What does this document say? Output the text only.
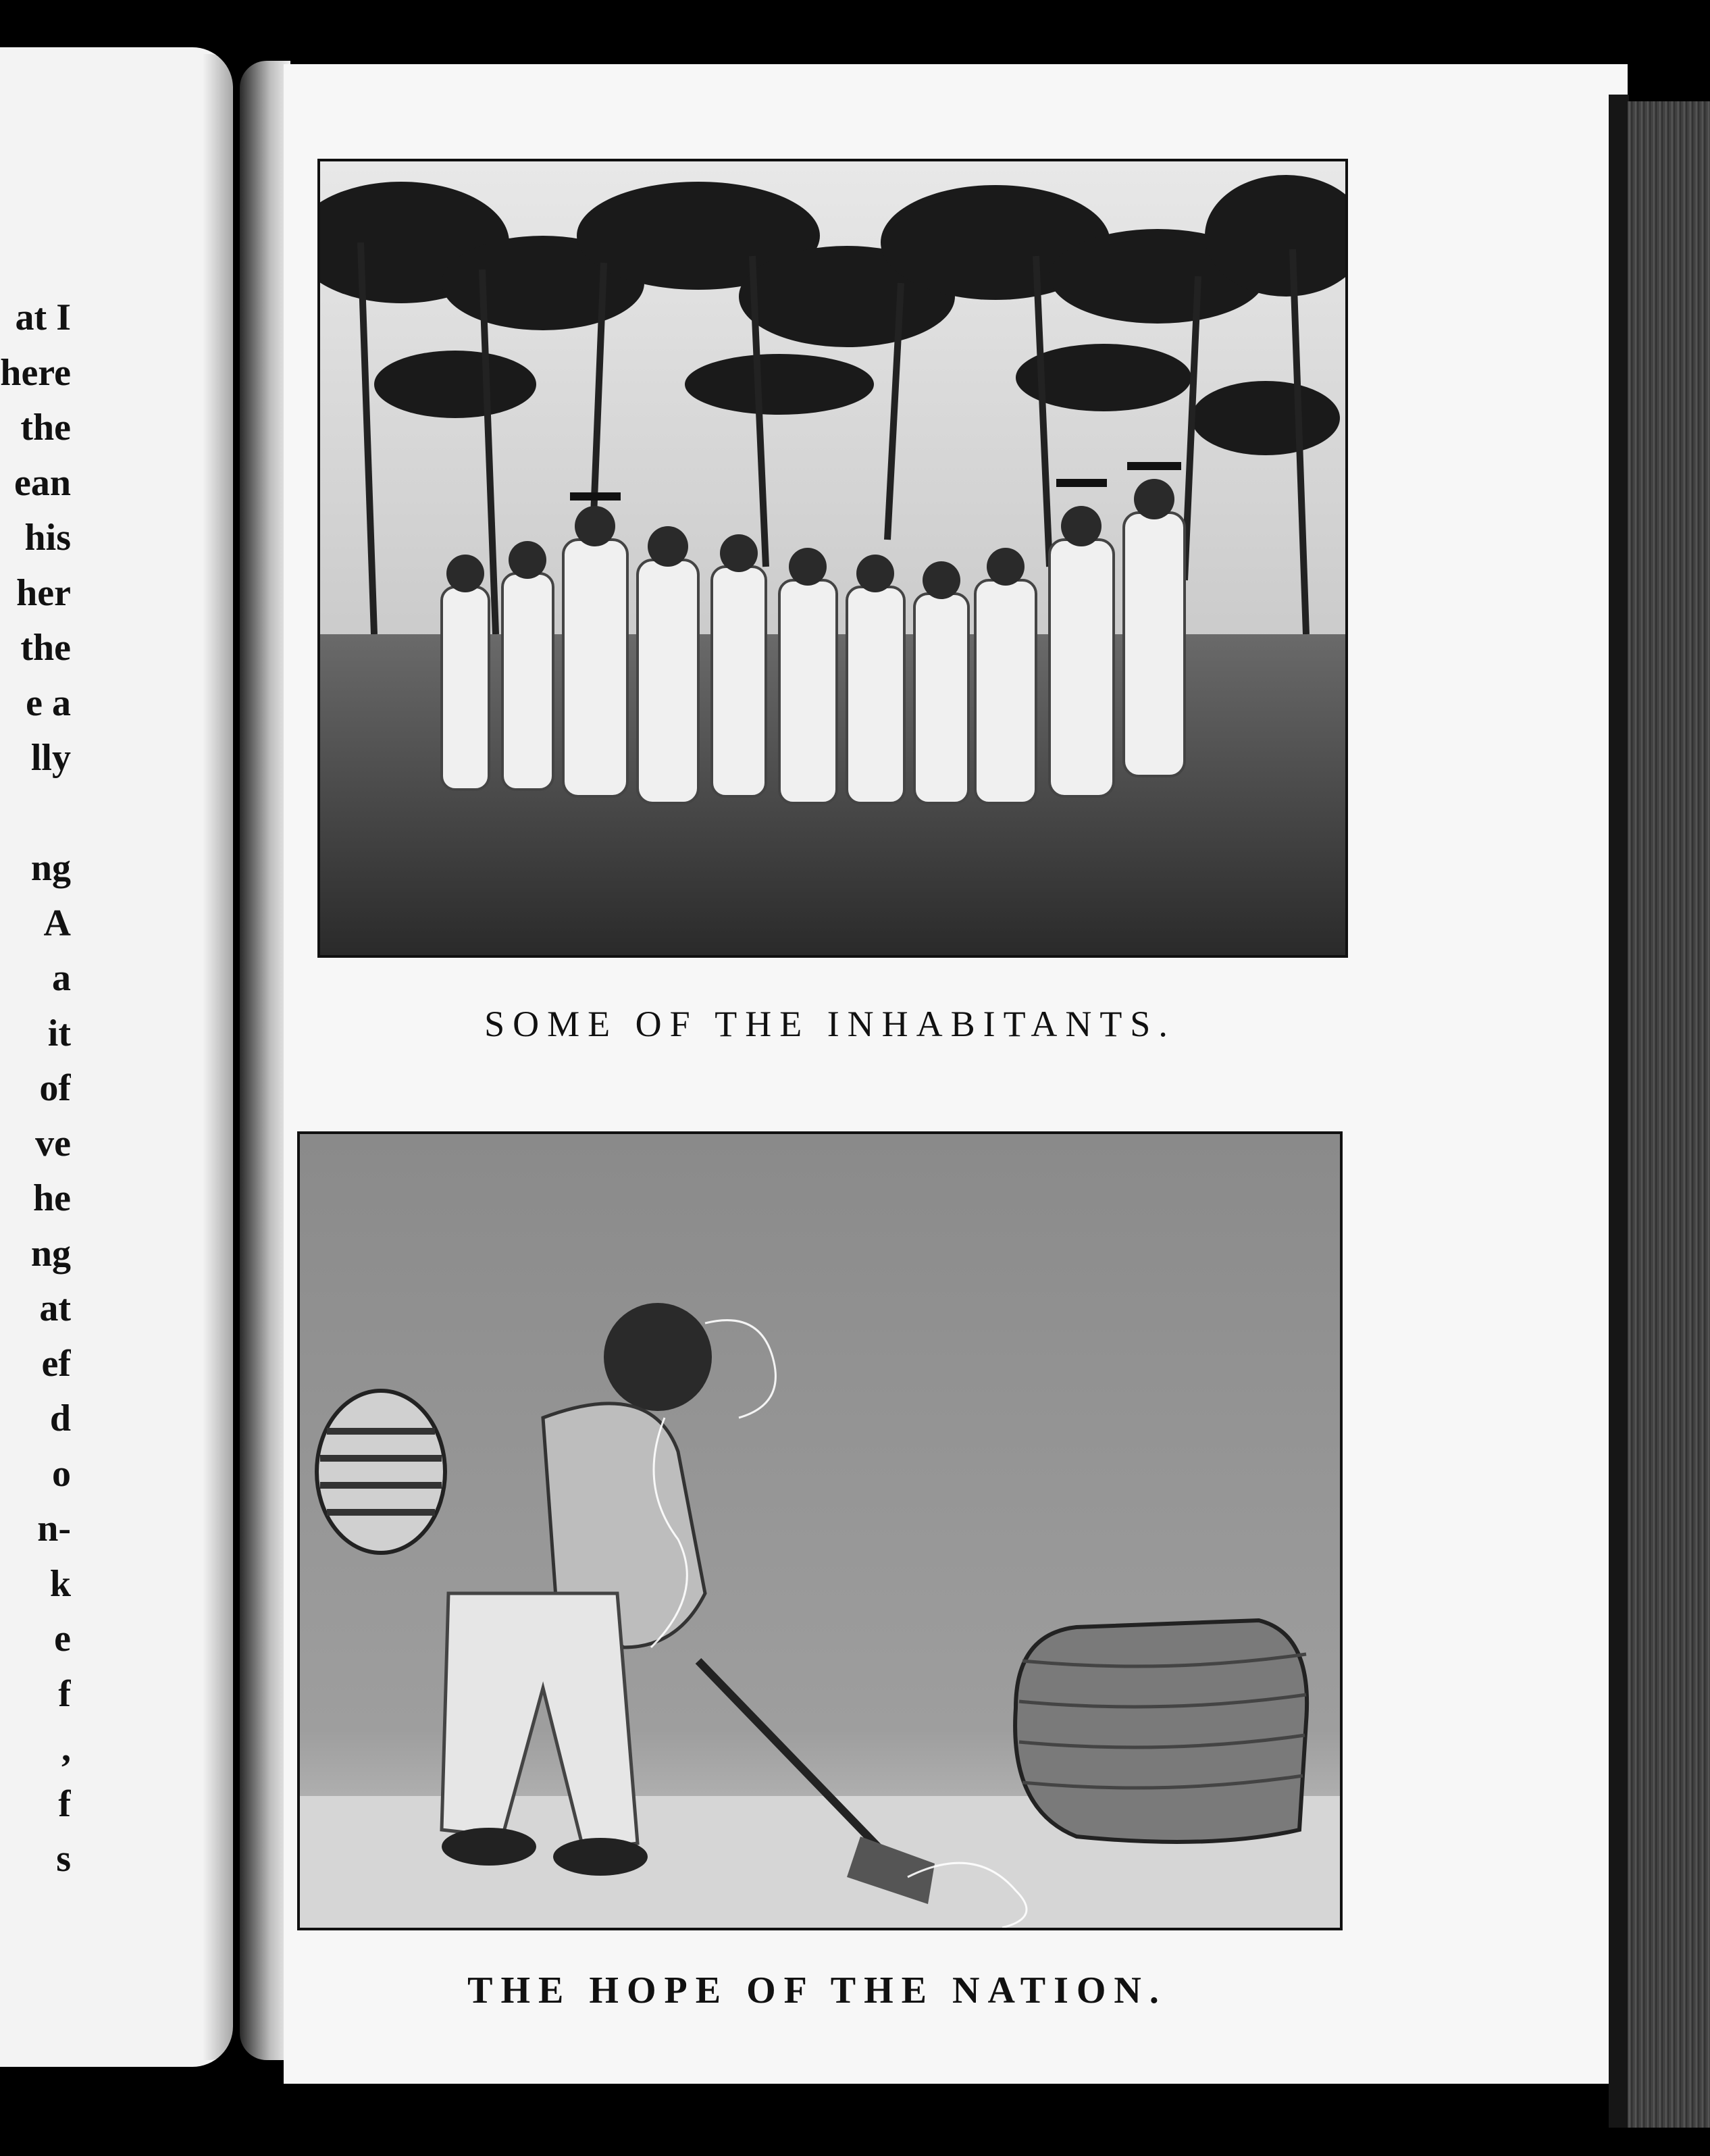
at I
here
the
ean
his
her
the
e a
lly
ng
A
a
it
of
ve
he
ng
at
ef
d
o
n-
k
e
f
,
f
s
SOME OF THE INHABITANTS.
THE HOPE OF THE NATION.
